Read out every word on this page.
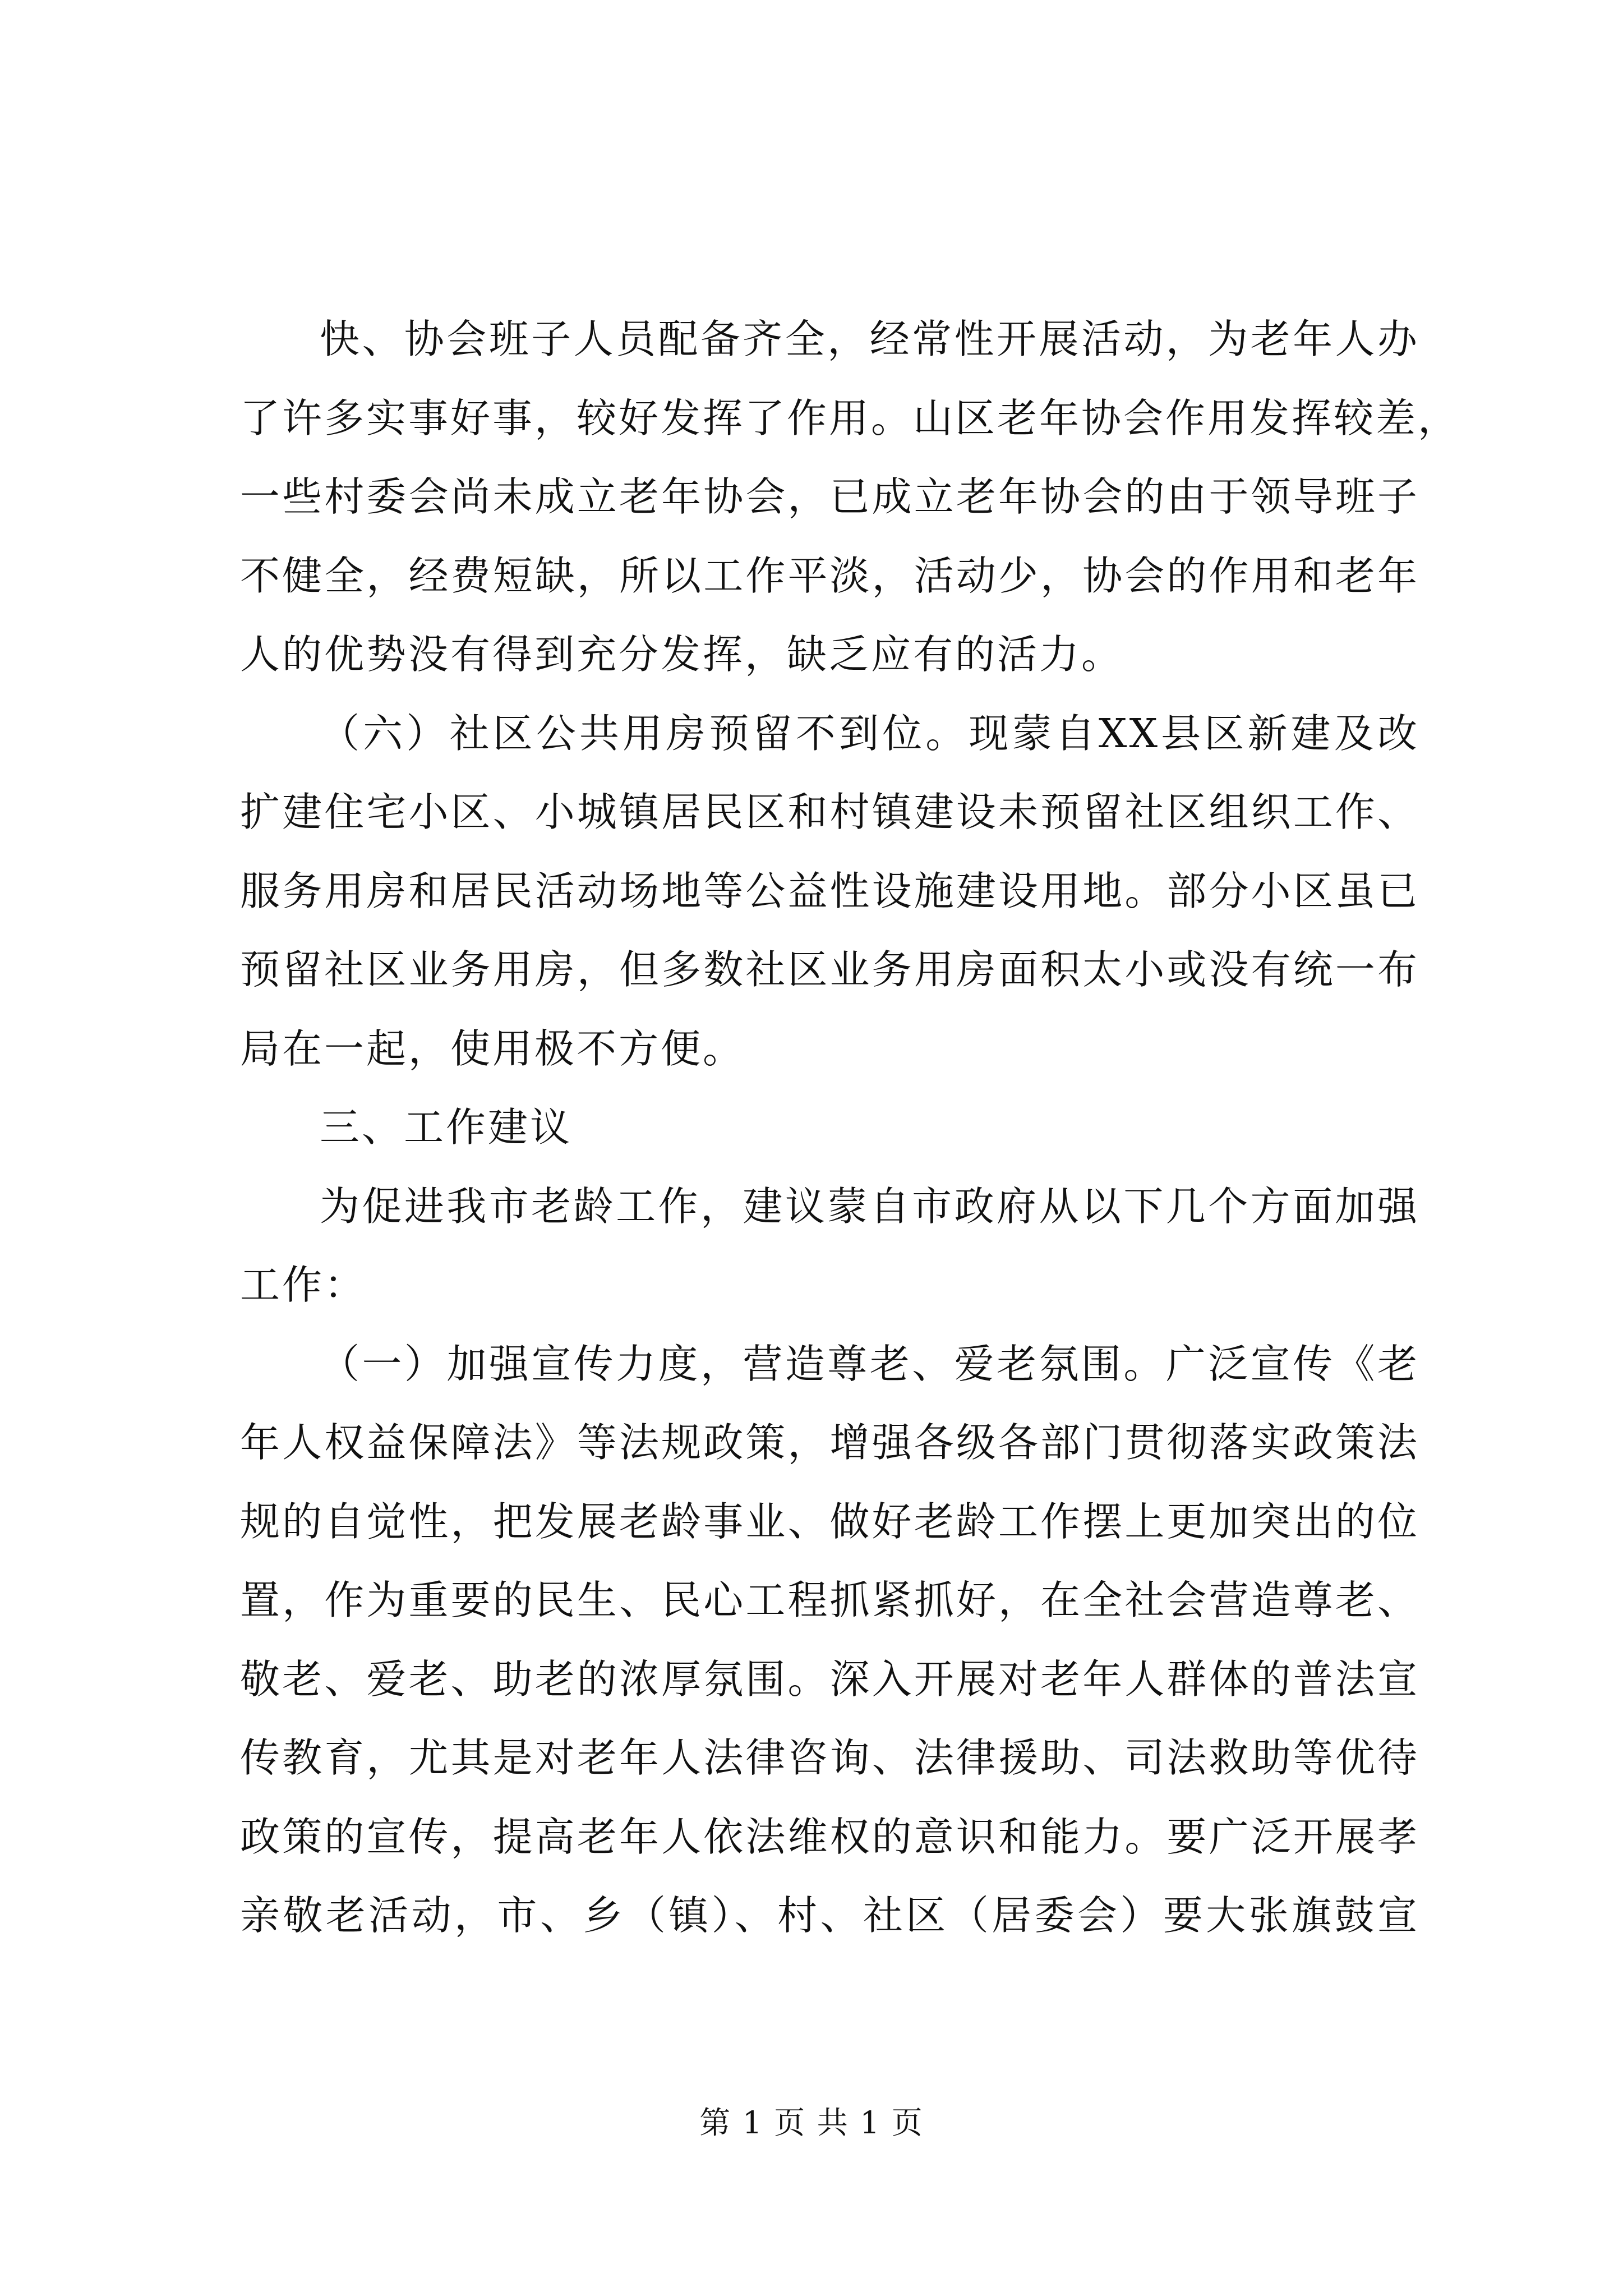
快、协会班子人员配备齐全，经常性开展活动，为老年人办
了许多实事好事，较好发挥了作用。山区老年协会作用发挥较差，
一些村委会尚未成立老年协会，已成立老年协会的由于领导班子
不健全，经费短缺，所以工作平淡，活动少，协会的作用和老年
人的优势没有得到充分发挥，缺乏应有的活力。
（六）社区公共用房预留不到位。现蒙自XX县区新建及改
扩建住宅小区、小城镇居民区和村镇建设未预留社区组织工作、
服务用房和居民活动场地等公益性设施建设用地。部分小区虽已
预留社区业务用房，但多数社区业务用房面积太小或没有统一布
局在一起，使用极不方便。
三、工作建议
为促进我市老龄工作，建议蒙自市政府从以下几个方面加强
工作：
（一）加强宣传力度，营造尊老、爱老氛围。广泛宣传《老
年人权益保障法》等法规政策，增强各级各部门贯彻落实政策法
规的自觉性，把发展老龄事业、做好老龄工作摆上更加突出的位
置，作为重要的民生、民心工程抓紧抓好，在全社会营造尊老、
敬老、爱老、助老的浓厚氛围。深入开展对老年人群体的普法宣
传教育，尤其是对老年人法律咨询、法律援助、司法救助等优待
政策的宣传，提高老年人依法维权的意识和能力。要广泛开展孝
亲敬老活动，市、乡（镇）、村、社区（居委会）要大张旗鼓宣
第 1 页 共 1 页
